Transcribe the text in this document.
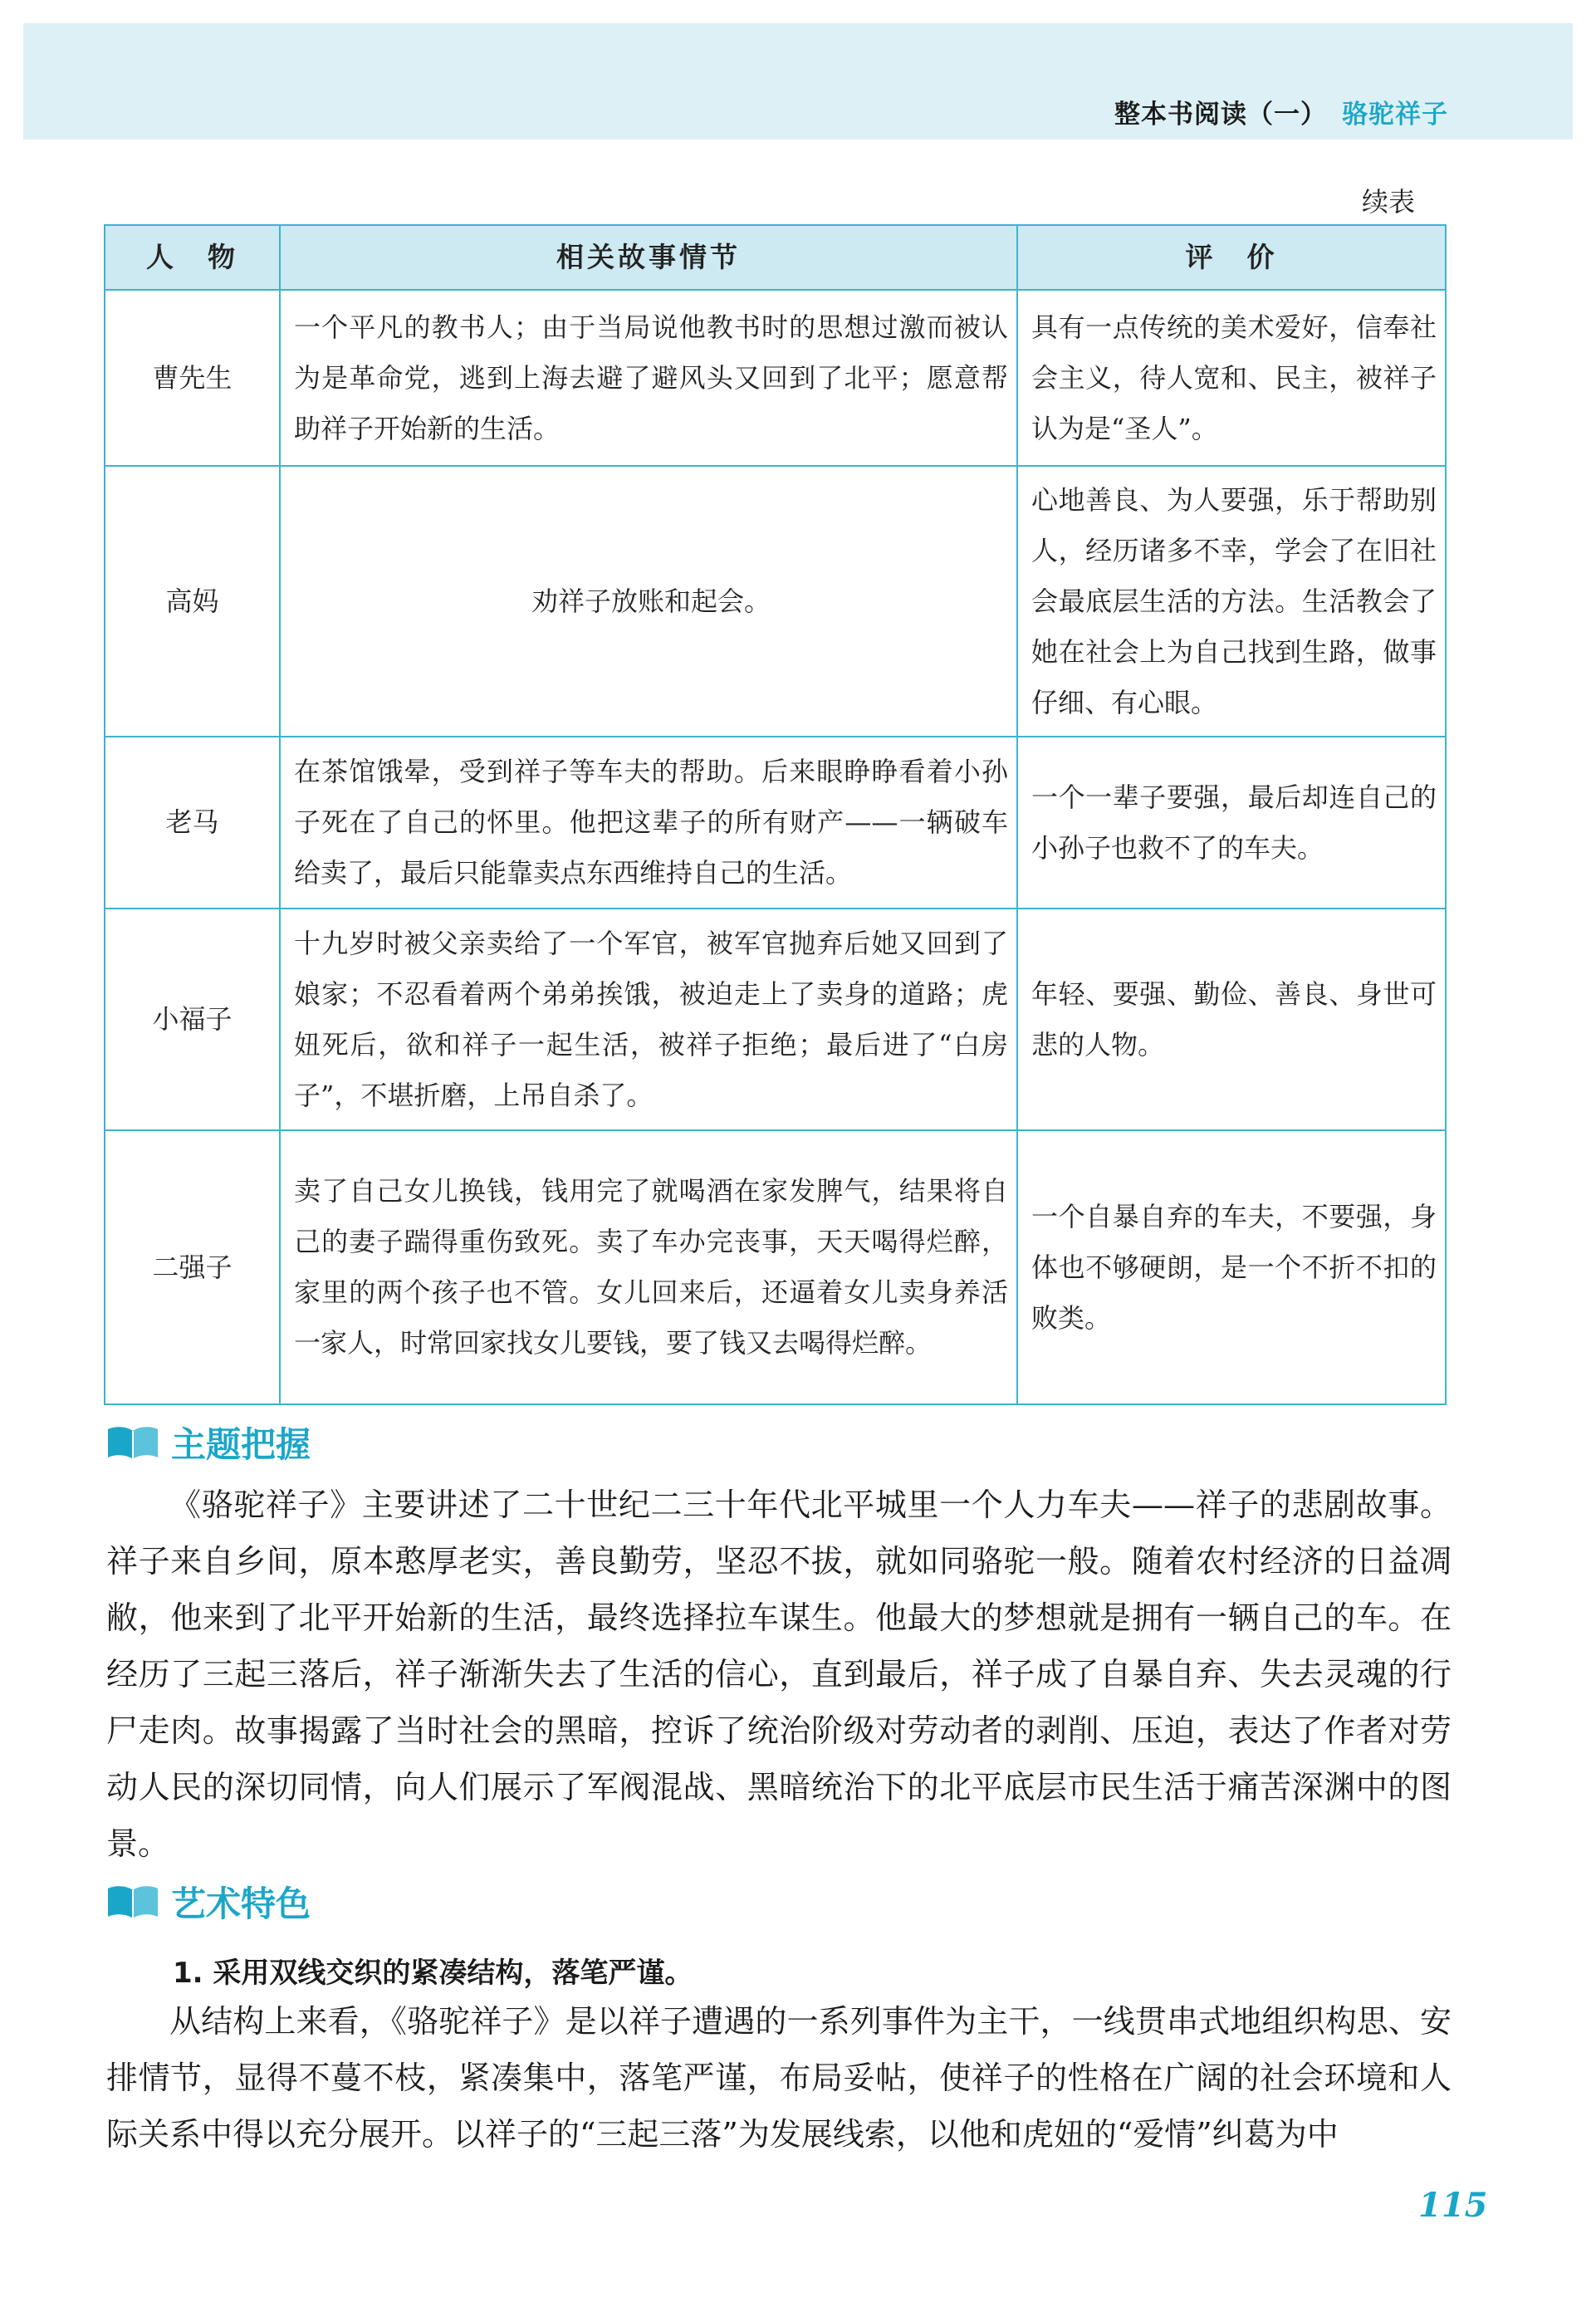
整本书阅读（一） 骆驼祥子
续表
人　物	相关故事情节	评　价
曹先生	一个平凡的教书人；由于当局说他教书时的思想过激而被认为是革命党，逃到上海去避了避风头又回到了北平；愿意帮助祥子开始新的生活。	具有一点传统的美术爱好，信奉社会主义，待人宽和、民主，被祥子认为是“圣人”。
高妈	劝祥子放账和起会。	心地善良、为人要强，乐于帮助别人，经历诸多不幸，学会了在旧社会最底层生活的方法。生活教会了她在社会上为自己找到生路，做事仔细、有心眼。
老马	在茶馆饿晕，受到祥子等车夫的帮助。后来眼睁睁看着小孙子死在了自己的怀里。他把这辈子的所有财产——一辆破车给卖了，最后只能靠卖点东西维持自己的生活。	一个一辈子要强，最后却连自己的小孙子也救不了的车夫。
小福子	十九岁时被父亲卖给了一个军官，被军官抛弃后她又回到了娘家；不忍看着两个弟弟挨饿，被迫走上了卖身的道路；虎妞死后，欲和祥子一起生活，被祥子拒绝；最后进了“白房子”，不堪折磨，上吊自杀了。	年轻、要强、勤俭、善良、身世可悲的人物。
二强子	卖了自己女儿换钱，钱用完了就喝酒在家发脾气，结果将自己的妻子踹得重伤致死。卖了车办完丧事，天天喝得烂醉，家里的两个孩子也不管。女儿回来后，还逼着女儿卖身养活一家人，时常回家找女儿要钱，要了钱又去喝得烂醉。	一个自暴自弃的车夫，不要强，身体也不够硬朗，是一个不折不扣的败类。
主题把握

《骆驼祥子》主要讲述了二十世纪二三十年代北平城里一个人力车夫——祥子的悲剧故事。祥子来自乡间，原本憨厚老实，善良勤劳，坚忍不拔，就如同骆驼一般。随着农村经济的日益凋敝，他来到了北平开始新的生活，最终选择拉车谋生。他最大的梦想就是拥有一辆自己的车。在经历了三起三落后，祥子渐渐失去了生活的信心，直到最后，祥子成了自暴自弃、失去灵魂的行尸走肉。故事揭露了当时社会的黑暗，控诉了统治阶级对劳动者的剥削、压迫，表达了作者对劳动人民的深切同情，向人们展示了军阀混战、黑暗统治下的北平底层市民生活于痛苦深渊中的图景。

艺术特色
1. 采用双线交织的紧凑结构，落笔严谨。

从结构上来看，《骆驼祥子》是以祥子遭遇的一系列事件为主干，一线贯串式地组织构思、安排情节，显得不蔓不枝，紧凑集中，落笔严谨，布局妥帖，使祥子的性格在广阔的社会环境和人际关系中得以充分展开。以祥子的“三起三落”为发展线索，以他和虎妞的“爱情”纠葛为中

115
